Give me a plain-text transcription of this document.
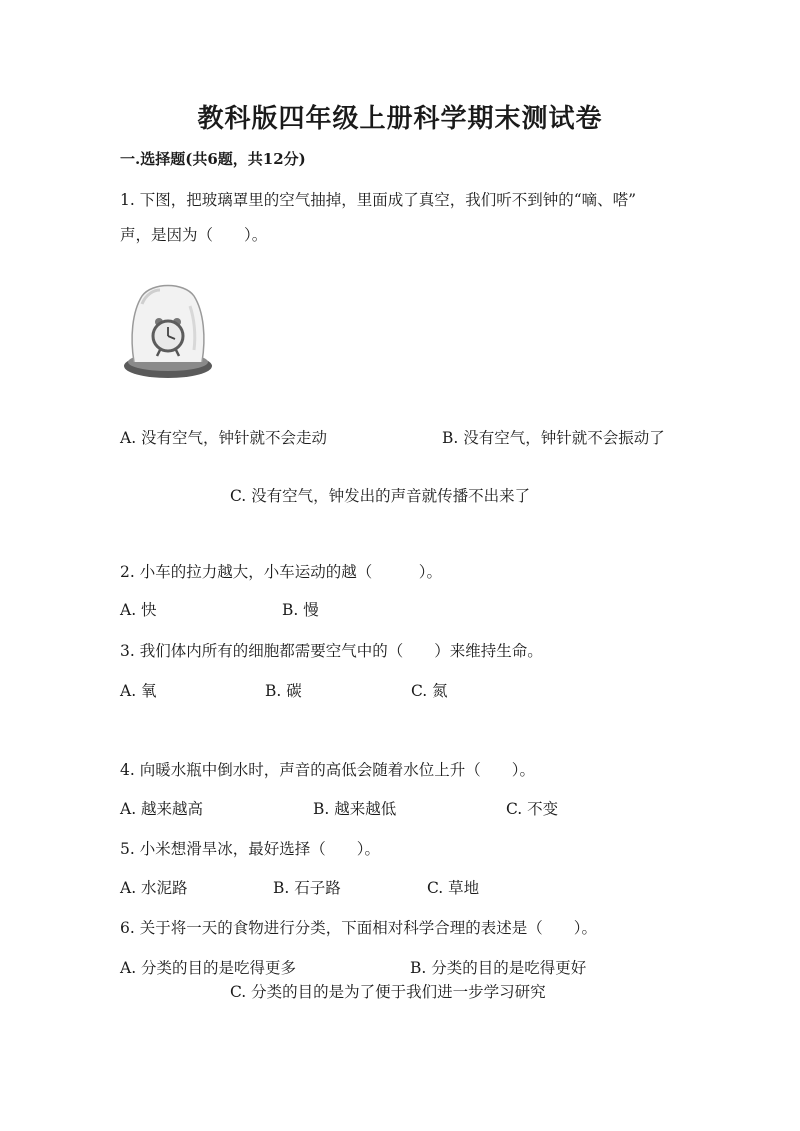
教科版四年级上册科学期末测试卷
一.选择题(共6题，共12分)
1. 下图，把玻璃罩里的空气抽掉，里面成了真空，我们听不到钟的“嘀、嗒”
声，是因为（　　）。
A. 没有空气，钟针就不会走动	B. 没有空气，钟针就不会振动了
C. 没有空气，钟发出的声音就传播不出来了
2. 小车的拉力越大，小车运动的越（　　　）。
A. 快	B. 慢
3. 我们体内所有的细胞都需要空气中的（　　）来维持生命。
A. 氧	B. 碳	C. 氮
4. 向暖水瓶中倒水时，声音的高低会随着水位上升（　　）。
A. 越来越高	B. 越来越低	C. 不变
5. 小米想滑旱冰，最好选择（　　）。
A. 水泥路	B. 石子路	C. 草地
6. 关于将一天的食物进行分类，下面相对科学合理的表述是（　　）。
A. 分类的目的是吃得更多	B. 分类的目的是吃得更好
C. 分类的目的是为了便于我们进一步学习研究
